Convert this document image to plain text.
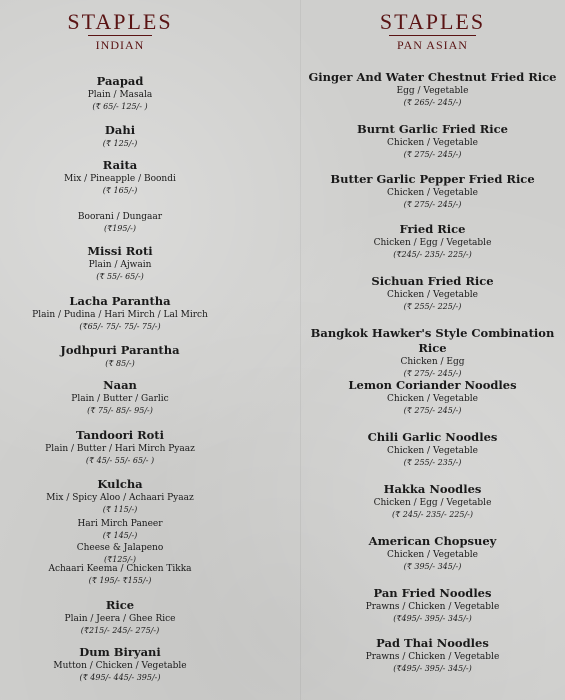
STAPLES
INDIAN
Paapad
Plain / Masala
(₹ 65/- 125/- )
Dahi
(₹ 125/-)
Raita
Mix / Pineapple / Boondi
(₹ 165/-)
Boorani / Dungaar
(₹195/-)
Missi Roti
Plain / Ajwain
(₹ 55/- 65/-)
Lacha Parantha
Plain / Pudina / Hari Mirch / Lal Mirch
(₹65/- 75/- 75/- 75/-)
Jodhpuri Parantha
(₹ 85/-)
Naan
Plain / Butter / Garlic
(₹ 75/- 85/- 95/-)
Tandoori Roti
Plain / Butter / Hari Mirch Pyaaz
(₹ 45/- 55/- 65/- )
Kulcha
Mix / Spicy Aloo / Achaari Pyaaz
(₹ 115/-)
Hari Mirch Paneer
(₹ 145/-)
Cheese & Jalapeno
(₹125/-)
Achaari Keema / Chicken Tikka
(₹ 195/- ₹155/-)
Rice
Plain / Jeera / Ghee Rice
(₹215/- 245/- 275/-)
Dum Biryani
Mutton / Chicken / Vegetable
(₹ 495/- 445/- 395/-)
STAPLES
PAN ASIAN
Ginger And Water Chestnut Fried Rice
Egg / Vegetable
(₹ 265/- 245/-)
Burnt Garlic Fried Rice
Chicken / Vegetable
(₹ 275/- 245/-)
Butter Garlic Pepper Fried Rice
Chicken / Vegetable
(₹ 275/- 245/-)
Fried Rice
Chicken / Egg / Vegetable
(₹245/- 235/- 225/-)
Sichuan Fried Rice
Chicken / Vegetable
(₹ 255/- 225/-)
Bangkok Hawker's Style Combination Rice
Chicken / Egg
(₹ 275/- 245/-)
Lemon Coriander Noodles
Chicken / Vegetable
(₹ 275/- 245/-)
Chili Garlic Noodles
Chicken / Vegetable
(₹ 255/- 235/-)
Hakka Noodles
Chicken / Egg / Vegetable
(₹ 245/- 235/- 225/-)
American Chopsuey
Chicken / Vegetable
(₹ 395/- 345/-)
Pan Fried Noodles
Prawns / Chicken / Vegetable
(₹495/- 395/- 345/-)
Pad Thai Noodles
Prawns / Chicken / Vegetable
(₹495/- 395/- 345/-)
